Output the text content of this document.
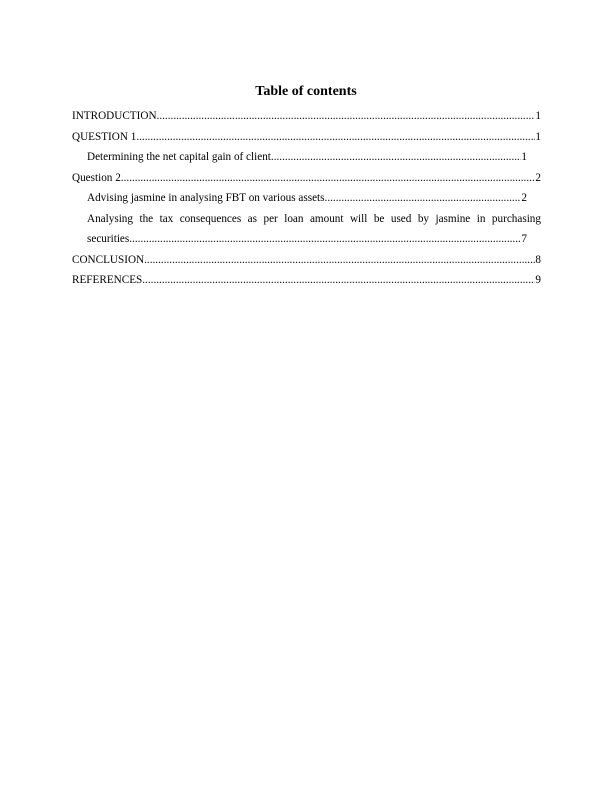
Table of contents
INTRODUCTION .....	1
QUESTION 1 .....	1
Determining the net capital gain of client .....	1
Question 2 .....	2
Advising jasmine in analysing FBT on various assets .....	2
Analysing the tax consequences as per loan amount will be used by jasmine in purchasing
securities .....	7
CONCLUSION .....	8
REFERENCES .....	9
